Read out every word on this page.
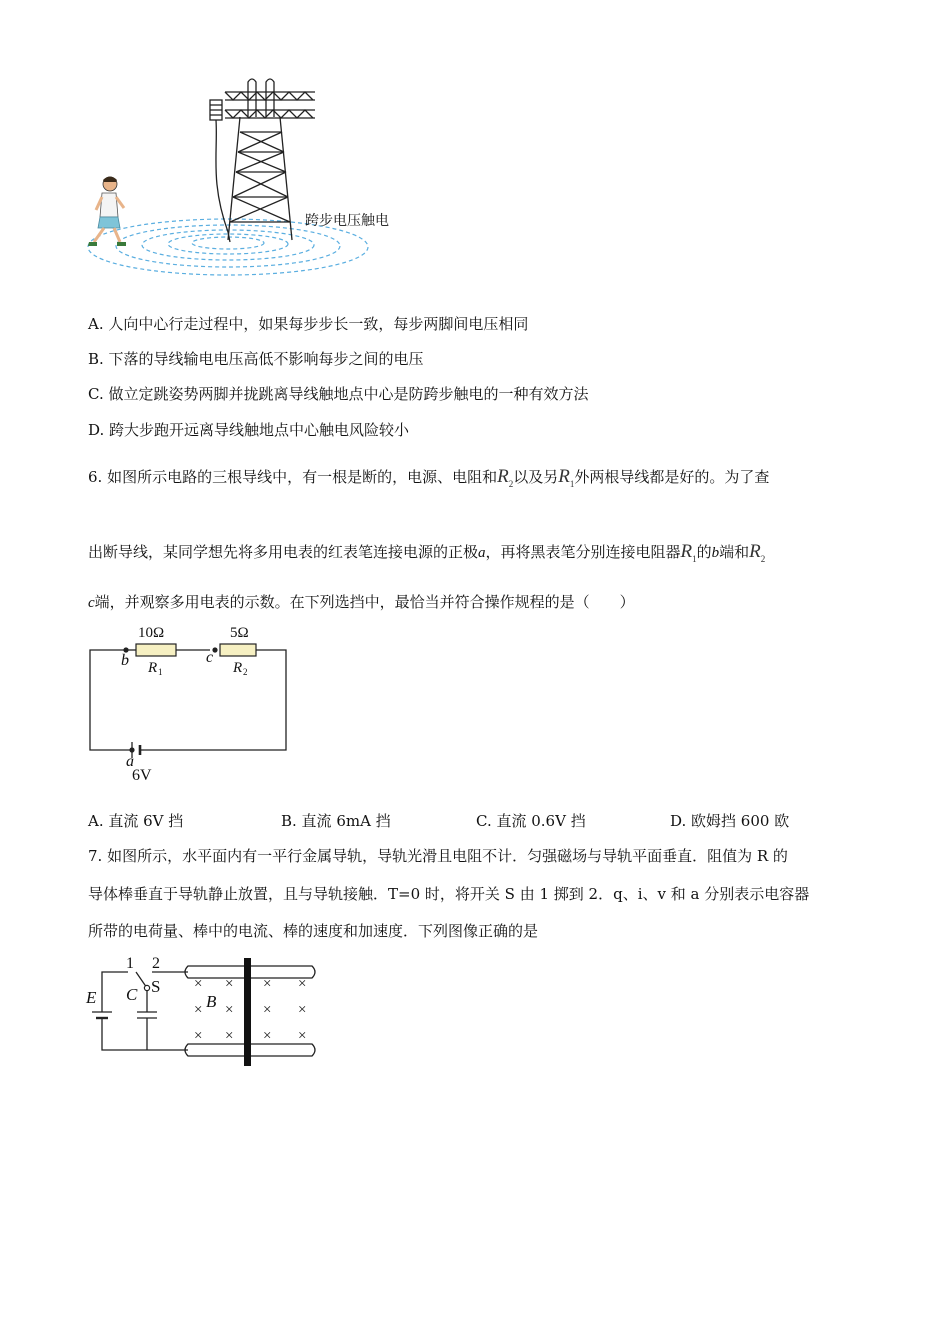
跨步电压触电
A. 人向中心行走过程中，如果每步步长一致，每步两脚间电压相同
B. 下落的导线输电电压高低不影响每步之间的电压
C. 做立定跳姿势两脚并拢跳离导线触地点中心是防跨步触电的一种有效方法
D. 跨大步跑开远离导线触地点中心触电风险较小
6. 如图所示电路的三根导线中，有一根是断的，电源、电阻和$R_2$以及另$R_1$外两根导线都是好的。为了查
出断导线，某同学想先将多用电表的红表笔连接电源的正极a，再将黑表笔分别连接电阻器$R_1$的b端和$R_2$
c端，并观察多用电表的示数。在下列选挡中，最恰当并符合操作规程的是（　　）
10Ω	5Ω
R 1	R 2
b	c
a
6V
A. 直流 6V 挡	B. 直流 6mA 挡	C. 直流 0.6V 挡	D. 欧姆挡 600 欧
7. 如图所示，水平面内有一平行金属导轨，导轨光滑且电阻不计．匀强磁场与导轨平面垂直．阻值为 R 的
导体棒垂直于导轨静止放置，且与导轨接触．T=0 时，将开关 S 由 1 掷到 2．q、i、v 和 a 分别表示电容器
所带的电荷量、棒中的电流、棒的速度和加速度．下列图像正确的是
× × × ×
× × × ×
× × × ×
1 2
E C S
B
